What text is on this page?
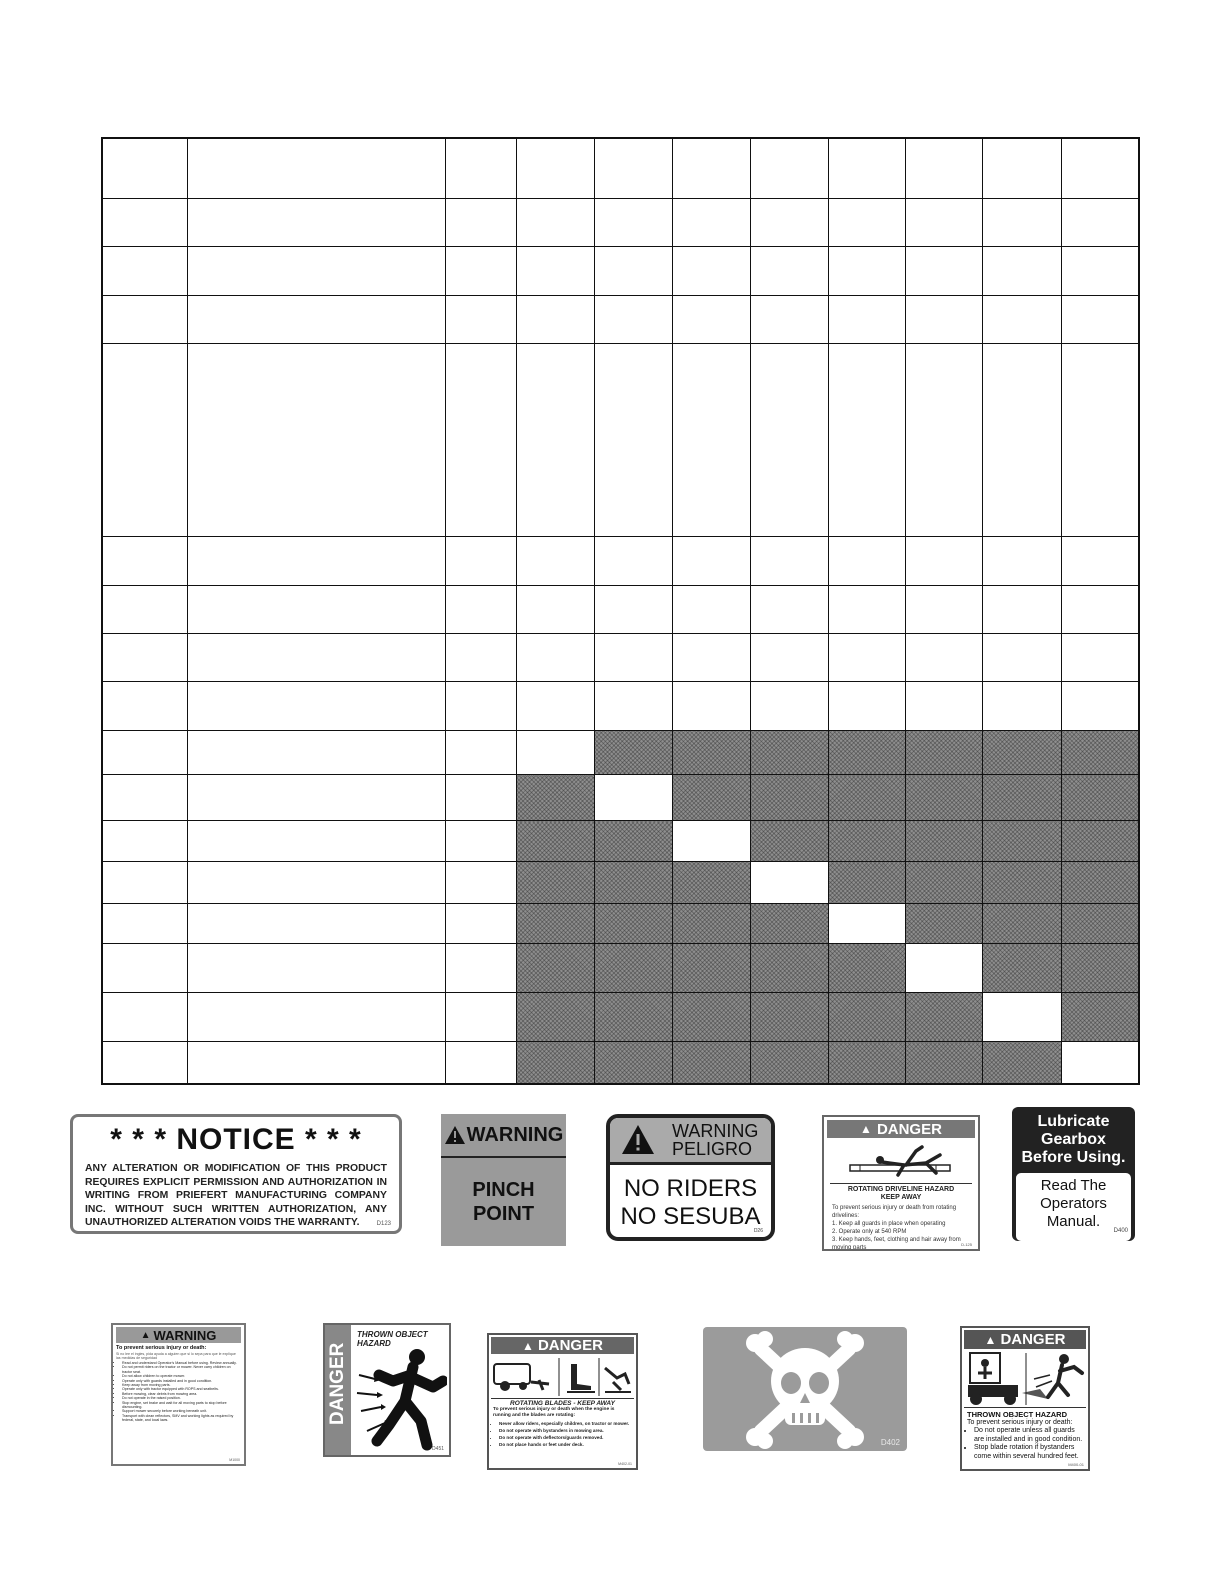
* * * NOTICE * * *
ANY ALTERATION OR MODIFICATION OF THIS PRODUCT REQUIRES EXPLICIT PERMISSION AND AUTHORIZATION IN WRITING FROM PRIEFERT MANUFACTURING COMPANY INC. WITHOUT SUCH WRITTEN AUTHORIZATION, ANY UNAUTHORIZED ALTERATION VOIDS THE WARRANTY.	D123
WARNING
PINCH
POINT
WARNING
PELIGRO
NO RIDERS
NO SESUBA
D26
▲ DANGER
ROTATING DRIVELINE HAZARD
KEEP AWAY
To prevent serious injury or death from rotating drivelines:
1. Keep all guards in place when operating
2. Operate only at 540 RPM
3. Keep hands, feet, clothing and hair away from moving parts
D-125
Lubricate
Gearbox
Before Using.
Read The
Operators
Manual.
D400
▲ WARNING
To prevent serious injury or death:
Si no lee el ingles, pida ayuda a alguien que si lo sepa para que le explique las medidas de seguridad
• Read and understand Operator's Manual before using. Review annually.
• Do not permit riders on the tractor or mower. Never carry children on tractor seat.
• Do not allow children to operate mower.
• Operate only with guards installed and in good condition.
• Keep away from moving parts.
• Operate only with tractor equipped with ROPS and seatbelts.
• Before mowing, clear debris from mowing area.
• Do not operate in the raised position.
• Stop engine, set brake and wait for all moving parts to stop before dismounting.
• Support mower securely before working beneath unit.
• Transport with clean reflectors, SMV and working lights as required by federal, state, and local laws.
M1000
DANGER
THROWN OBJECT HAZARD
D451
▲ DANGER
ROTATING BLADES - KEEP AWAY
To prevent serious injury or death when the engine is running and the blades are rotating:
• Never allow riders, especially children, on tractor or mower.
• Do not operate with bystanders in mowing area.
• Do not operate with deflectors/guards removed.
• Do not place hands or feet under deck.
M402-01
D402
▲ DANGER
THROWN OBJECT HAZARD
To prevent serious injury or death:
• Do not operate unless all guards are installed and in good condition.
• Stop blade rotation if bystanders come within several hundred feet.
M400-01
